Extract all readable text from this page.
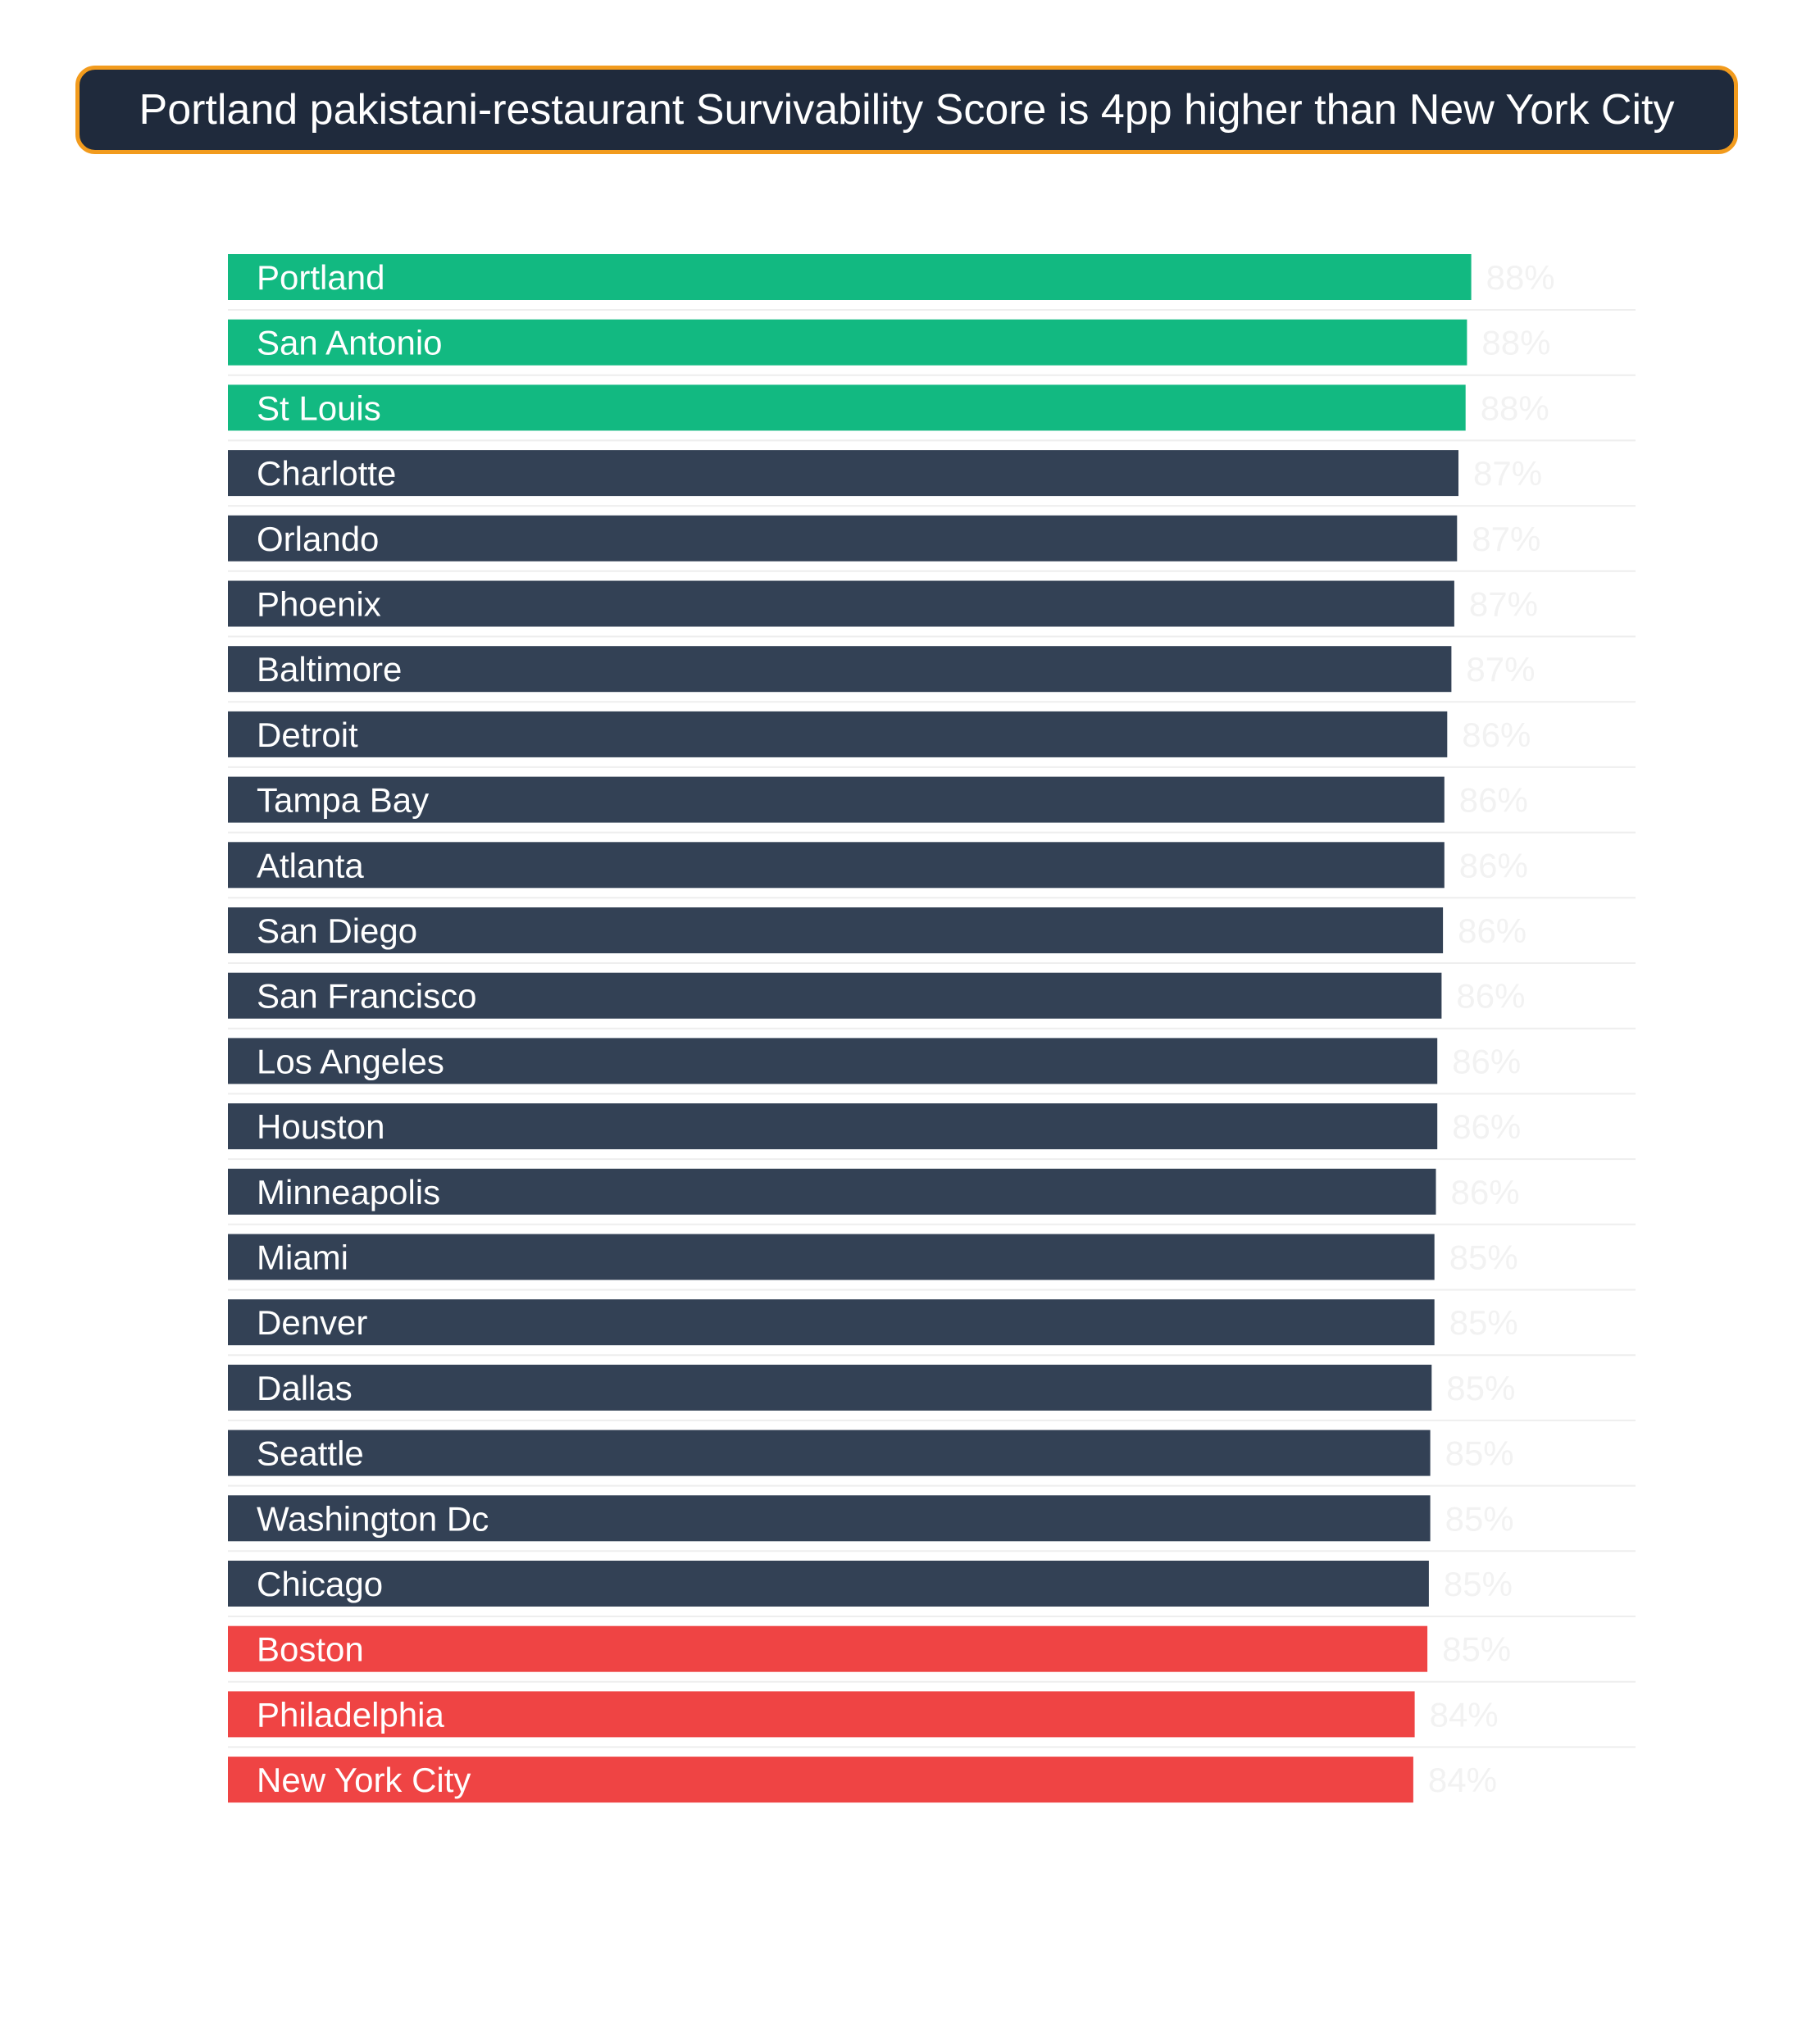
Portland pakistani-restaurant Survivability Score is 4pp higher than New York City
Portland	88%
San Antonio	88%
St Louis	88%
Charlotte	87%
Orlando	87%
Phoenix	87%
Baltimore	87%
Detroit	86%
Tampa Bay	86%
Atlanta	86%
San Diego	86%
San Francisco	86%
Los Angeles	86%
Houston	86%
Minneapolis	86%
Miami	85%
Denver	85%
Dallas	85%
Seattle	85%
Washington Dc	85%
Chicago	85%
Boston	85%
Philadelphia	84%
New York City	84%
